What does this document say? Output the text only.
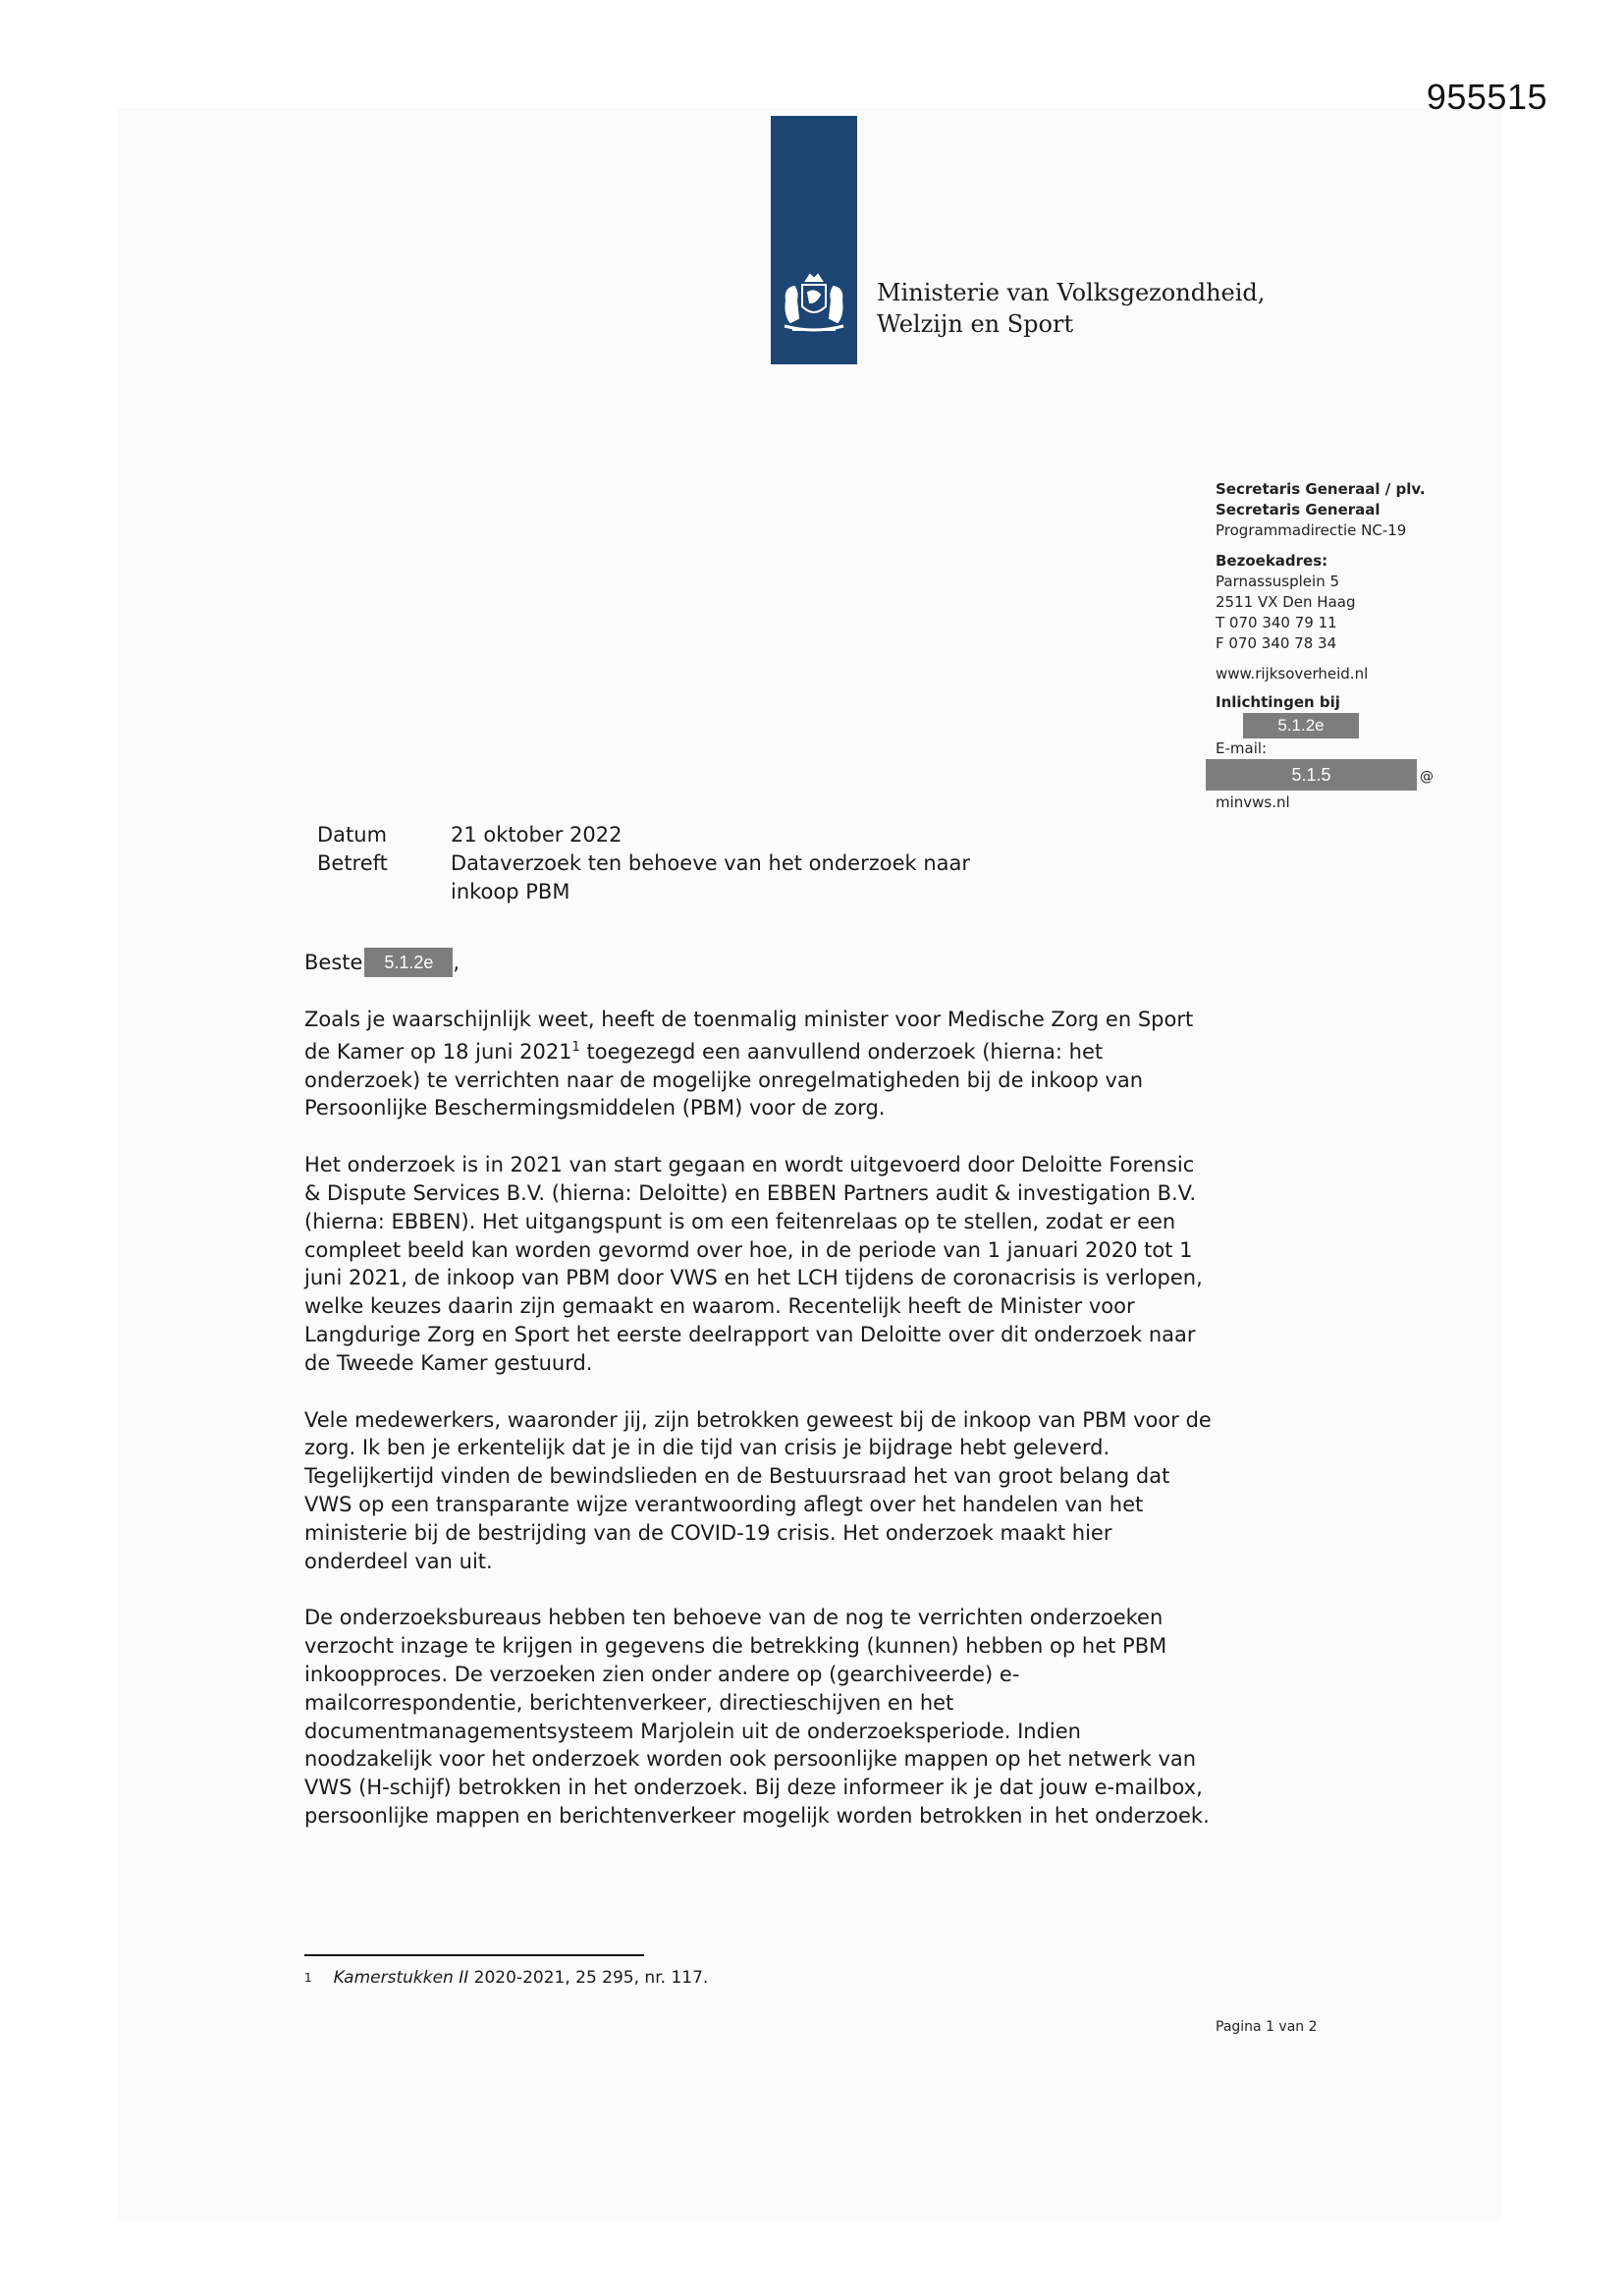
955515
Ministerie van Volksgezondheid,
Welzijn en Sport
Secretaris Generaal / plv.
Secretaris Generaal
Programmadirectie NC-19
Bezoekadres:
Parnassusplein 5
2511 VX Den Haag
T 070 340 79 11
F 070 340 78 34
www.rijksoverheid.nl
Inlichtingen bij
5.1.2e
E-mail:
5.1.5	@
minvws.nl
Datum	21 oktober 2022
Betreft	Dataverzoek ten behoeve van het onderzoek naar inkoop PBM
Beste	5.1.2e ,

Zoals je waarschijnlijk weet, heeft de toenmalig minister voor Medische Zorg en Sport de Kamer op 18 juni 2021$^1$ toegezegd een aanvullend onderzoek (hierna: het onderzoek) te verrichten naar de mogelijke onregelmatigheden bij de inkoop van Persoonlijke Beschermingsmiddelen (PBM) voor de zorg.

Het onderzoek is in 2021 van start gegaan en wordt uitgevoerd door Deloitte Forensic & Dispute Services B.V. (hierna: Deloitte) en EBBEN Partners audit & investigation B.V. (hierna: EBBEN). Het uitgangspunt is om een feitenrelaas op te stellen, zodat er een compleet beeld kan worden gevormd over hoe, in de periode van 1 januari 2020 tot 1 juni 2021, de inkoop van PBM door VWS en het LCH tijdens de coronacrisis is verlopen, welke keuzes daarin zijn gemaakt en waarom. Recentelijk heeft de Minister voor Langdurige Zorg en Sport het eerste deelrapport van Deloitte over dit onderzoek naar de Tweede Kamer gestuurd.

Vele medewerkers, waaronder jij, zijn betrokken geweest bij de inkoop van PBM voor de zorg. Ik ben je erkentelijk dat je in die tijd van crisis je bijdrage hebt geleverd. Tegelijkertijd vinden de bewindslieden en de Bestuursraad het van groot belang dat VWS op een transparante wijze verantwoording aflegt over het handelen van het ministerie bij de bestrijding van de COVID-19 crisis. Het onderzoek maakt hier onderdeel van uit.

De onderzoeksbureaus hebben ten behoeve van de nog te verrichten onderzoeken verzocht inzage te krijgen in gegevens die betrekking (kunnen) hebben op het PBM inkoopproces. De verzoeken zien onder andere op (gearchiveerde) e-mailcorrespondentie, berichtenverkeer, directieschijven en het documentmanagementsysteem Marjolein uit de onderzoeksperiode. Indien noodzakelijk voor het onderzoek worden ook persoonlijke mappen op het netwerk van VWS (H-schijf) betrokken in het onderzoek. Bij deze informeer ik je dat jouw e-mailbox, persoonlijke mappen en berichtenverkeer mogelijk worden betrokken in het onderzoek.

$^1$ Kamerstukken II 2020-2021, 25 295, nr. 117.
Pagina 1 van 2
